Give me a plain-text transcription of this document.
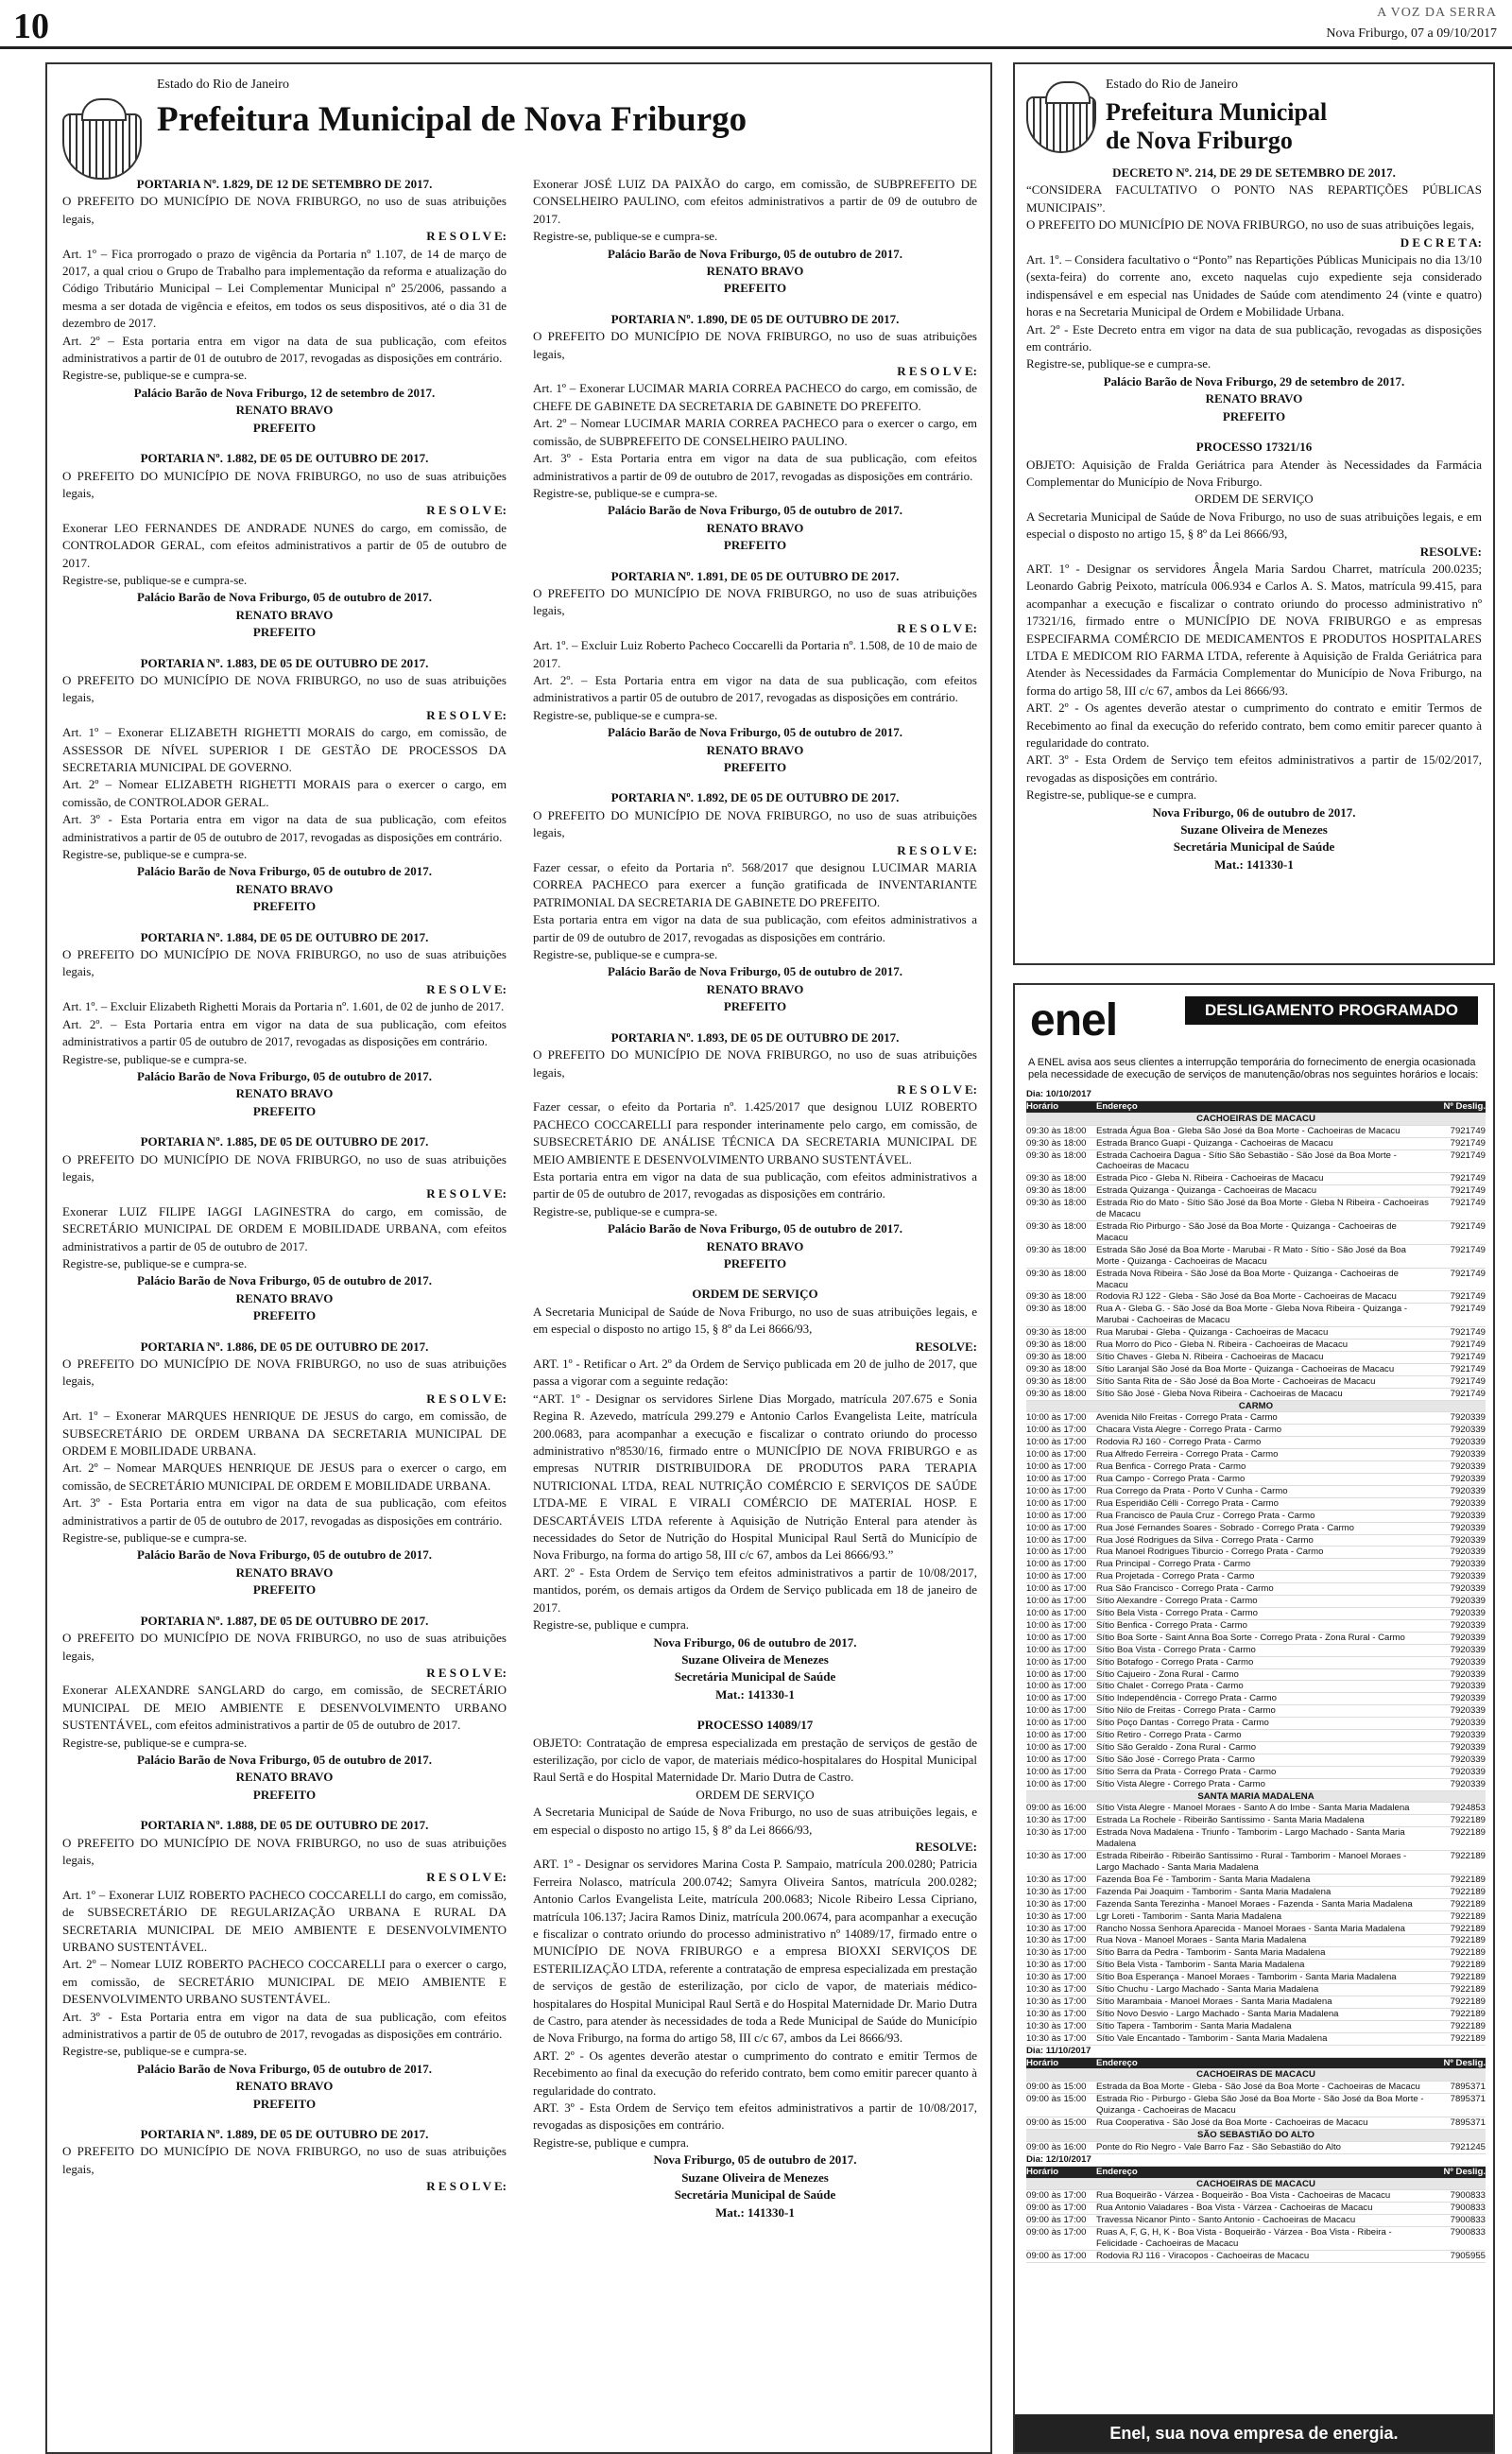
10	A VOZ DA SERRA
Nova Friburgo, 07 a 09/10/2017
Estado do Rio de Janeiro
Prefeitura Municipal de Nova Friburgo

PORTARIA Nº. 1.829, DE 12 DE SETEMBRO DE 2017.

O PREFEITO DO MUNICÍPIO DE NOVA FRIBURGO, no uso de suas atribuições legais,

R E S O L V E:

Art. 1º – Fica prorrogado o prazo de vigência da Portaria nº 1.107, de 14 de março de 2017, a qual criou o Grupo de Trabalho para implementação da reforma e atualização do Código Tributário Municipal – Lei Complementar Municipal nº 25/2006, passando a mesma a ser dotada de vigência e efeitos, em todos os seus dispositivos, até o dia 31 de dezembro de 2017.

Art. 2º – Esta portaria entra em vigor na data de sua publicação, com efeitos administrativos a partir de 01 de outubro de 2017, revogadas as disposições em contrário.

Registre-se, publique-se e cumpra-se.

Palácio Barão de Nova Friburgo, 12 de setembro de 2017.

RENATO BRAVO

PREFEITO

PORTARIA Nº. 1.882, DE 05 DE OUTUBRO DE 2017.

O PREFEITO DO MUNICÍPIO DE NOVA FRIBURGO, no uso de suas atribuições legais,

R E S O L V E:

Exonerar LEO FERNANDES DE ANDRADE NUNES do cargo, em comissão, de CONTROLADOR GERAL, com efeitos administrativos a partir de 05 de outubro de 2017.

Registre-se, publique-se e cumpra-se.

Palácio Barão de Nova Friburgo, 05 de outubro de 2017.

RENATO BRAVO

PREFEITO

PORTARIA Nº. 1.883, DE 05 DE OUTUBRO DE 2017.

O PREFEITO DO MUNICÍPIO DE NOVA FRIBURGO, no uso de suas atribuições legais,

R E S O L V E:

Art. 1º – Exonerar ELIZABETH RIGHETTI MORAIS do cargo, em comissão, de ASSESSOR DE NÍVEL SUPERIOR I DE GESTÃO DE PROCESSOS DA SECRETARIA MUNICIPAL DE GOVERNO.

Art. 2º – Nomear ELIZABETH RIGHETTI MORAIS para o exercer o cargo, em comissão, de CONTROLADOR GERAL.

Art. 3º - Esta Portaria entra em vigor na data de sua publicação, com efeitos administrativos a partir de 05 de outubro de 2017, revogadas as disposições em contrário.

Registre-se, publique-se e cumpra-se.

Palácio Barão de Nova Friburgo, 05 de outubro de 2017.

RENATO BRAVO

PREFEITO

PORTARIA Nº. 1.884, DE 05 DE OUTUBRO DE 2017.

O PREFEITO DO MUNICÍPIO DE NOVA FRIBURGO, no uso de suas atribuições legais,

R E S O L V E:

Art. 1º. – Excluir Elizabeth Righetti Morais da Portaria nº. 1.601, de 02 de junho de 2017.

Art. 2º. – Esta Portaria entra em vigor na data de sua publicação, com efeitos administrativos a partir 05 de outubro de 2017, revogadas as disposições em contrário.

Registre-se, publique-se e cumpra-se.

Palácio Barão de Nova Friburgo, 05 de outubro de 2017.

RENATO BRAVO

PREFEITO

PORTARIA Nº. 1.885, DE 05 DE OUTUBRO DE 2017.

O PREFEITO DO MUNICÍPIO DE NOVA FRIBURGO, no uso de suas atribuições legais,

R E S O L V E:

Exonerar LUIZ FILIPE IAGGI LAGINESTRA do cargo, em comissão, de SECRETÁRIO MUNICIPAL DE ORDEM E MOBILIDADE URBANA, com efeitos administrativos a partir de 05 de outubro de 2017.

Registre-se, publique-se e cumpra-se.

Palácio Barão de Nova Friburgo, 05 de outubro de 2017.

RENATO BRAVO

PREFEITO

PORTARIA Nº. 1.886, DE 05 DE OUTUBRO DE 2017.

O PREFEITO DO MUNICÍPIO DE NOVA FRIBURGO, no uso de suas atribuições legais,

R E S O L V E:

Art. 1º – Exonerar MARQUES HENRIQUE DE JESUS do cargo, em comissão, de SUBSECRETÁRIO DE ORDEM URBANA DA SECRETARIA MUNICIPAL DE ORDEM E MOBILIDADE URBANA.

Art. 2º – Nomear MARQUES HENRIQUE DE JESUS para o exercer o cargo, em comissão, de SECRETÁRIO MUNICIPAL DE ORDEM E MOBILIDADE URBANA.

Art. 3º - Esta Portaria entra em vigor na data de sua publicação, com efeitos administrativos a partir de 05 de outubro de 2017, revogadas as disposições em contrário.

Registre-se, publique-se e cumpra-se.

Palácio Barão de Nova Friburgo, 05 de outubro de 2017.

RENATO BRAVO

PREFEITO

PORTARIA Nº. 1.887, DE 05 DE OUTUBRO DE 2017.

O PREFEITO DO MUNICÍPIO DE NOVA FRIBURGO, no uso de suas atribuições legais,

R E S O L V E:

Exonerar ALEXANDRE SANGLARD do cargo, em comissão, de SECRETÁRIO MUNICIPAL DE MEIO AMBIENTE E DESENVOLVIMENTO URBANO SUSTENTÁVEL, com efeitos administrativos a partir de 05 de outubro de 2017.

Registre-se, publique-se e cumpra-se.

Palácio Barão de Nova Friburgo, 05 de outubro de 2017.

RENATO BRAVO

PREFEITO

PORTARIA Nº. 1.888, DE 05 DE OUTUBRO DE 2017.

O PREFEITO DO MUNICÍPIO DE NOVA FRIBURGO, no uso de suas atribuições legais,

R E S O L V E:

Art. 1º – Exonerar LUIZ ROBERTO PACHECO COCCARELLI do cargo, em comissão, de SUBSECRETÁRIO DE REGULARIZAÇÃO URBANA E RURAL DA SECRETARIA MUNICIPAL DE MEIO AMBIENTE E DESENVOLVIMENTO URBANO SUSTENTÁVEL.

Art. 2º – Nomear LUIZ ROBERTO PACHECO COCCARELLI para o exercer o cargo, em comissão, de SECRETÁRIO MUNICIPAL DE MEIO AMBIENTE E DESENVOLVIMENTO URBANO SUSTENTÁVEL.

Art. 3º - Esta Portaria entra em vigor na data de sua publicação, com efeitos administrativos a partir de 05 de outubro de 2017, revogadas as disposições em contrário.

Registre-se, publique-se e cumpra-se.

Palácio Barão de Nova Friburgo, 05 de outubro de 2017.

RENATO BRAVO

PREFEITO

PORTARIA Nº. 1.889, DE 05 DE OUTUBRO DE 2017.

O PREFEITO DO MUNICÍPIO DE NOVA FRIBURGO, no uso de suas atribuições legais,

R E S O L V E:

Exonerar JOSÉ LUIZ DA PAIXÃO do cargo, em comissão, de SUBPREFEITO DE CONSELHEIRO PAULINO, com efeitos administrativos a partir de 09 de outubro de 2017.

Registre-se, publique-se e cumpra-se.

Palácio Barão de Nova Friburgo, 05 de outubro de 2017.

RENATO BRAVO

PREFEITO

PORTARIA Nº. 1.890, DE 05 DE OUTUBRO DE 2017.

O PREFEITO DO MUNICÍPIO DE NOVA FRIBURGO, no uso de suas atribuições legais,

R E S O L V E:

Art. 1º – Exonerar LUCIMAR MARIA CORREA PACHECO do cargo, em comissão, de CHEFE DE GABINETE DA SECRETARIA DE GABINETE DO PREFEITO.

Art. 2º – Nomear LUCIMAR MARIA CORREA PACHECO para o exercer o cargo, em comissão, de SUBPREFEITO DE CONSELHEIRO PAULINO.

Art. 3º - Esta Portaria entra em vigor na data de sua publicação, com efeitos administrativos a partir de 09 de outubro de 2017, revogadas as disposições em contrário.

Registre-se, publique-se e cumpra-se.

Palácio Barão de Nova Friburgo, 05 de outubro de 2017.

RENATO BRAVO

PREFEITO

PORTARIA Nº. 1.891, DE 05 DE OUTUBRO DE 2017.

O PREFEITO DO MUNICÍPIO DE NOVA FRIBURGO, no uso de suas atribuições legais,

R E S O L V E:

Art. 1º. – Excluir Luiz Roberto Pacheco Coccarelli da Portaria nº. 1.508, de 10 de maio de 2017.

Art. 2º. – Esta Portaria entra em vigor na data de sua publicação, com efeitos administrativos a partir 05 de outubro de 2017, revogadas as disposições em contrário.

Registre-se, publique-se e cumpra-se.

Palácio Barão de Nova Friburgo, 05 de outubro de 2017.

RENATO BRAVO

PREFEITO

PORTARIA Nº. 1.892, DE 05 DE OUTUBRO DE 2017.

O PREFEITO DO MUNICÍPIO DE NOVA FRIBURGO, no uso de suas atribuições legais,

R E S O L V E:

Fazer cessar, o efeito da Portaria nº. 568/2017 que designou LUCIMAR MARIA CORREA PACHECO para exercer a função gratificada de INVENTARIANTE PATRIMONIAL DA SECRETARIA DE GABINETE DO PREFEITO.

Esta portaria entra em vigor na data de sua publicação, com efeitos administrativos a partir de 09 de outubro de 2017, revogadas as disposições em contrário.

Registre-se, publique-se e cumpra-se.

Palácio Barão de Nova Friburgo, 05 de outubro de 2017.

RENATO BRAVO

PREFEITO

PORTARIA Nº. 1.893, DE 05 DE OUTUBRO DE 2017.

O PREFEITO DO MUNICÍPIO DE NOVA FRIBURGO, no uso de suas atribuições legais,

R E S O L V E:

Fazer cessar, o efeito da Portaria nº. 1.425/2017 que designou LUIZ ROBERTO PACHECO COCCARELLI para responder interinamente pelo cargo, em comissão, de SUBSECRETÁRIO DE ANÁLISE TÉCNICA DA SECRETARIA MUNICIPAL DE MEIO AMBIENTE E DESENVOLVIMENTO URBANO SUSTENTÁVEL.

Esta portaria entra em vigor na data de sua publicação, com efeitos administrativos a partir de 05 de outubro de 2017, revogadas as disposições em contrário.

Registre-se, publique-se e cumpra-se.

Palácio Barão de Nova Friburgo, 05 de outubro de 2017.

RENATO BRAVO

PREFEITO

ORDEM DE SERVIÇO

A Secretaria Municipal de Saúde de Nova Friburgo, no uso de suas atribuições legais, e em especial o disposto no artigo 15, § 8º da Lei 8666/93,

RESOLVE:

ART. 1º - Retificar o Art. 2º da Ordem de Serviço publicada em 20 de julho de 2017, que passa a vigorar com a seguinte redação:

“ART. 1º - Designar os servidores Sirlene Dias Morgado, matrícula 207.675 e Sonia Regina R. Azevedo, matrícula 299.279 e Antonio Carlos Evangelista Leite, matrícula 200.0683, para acompanhar a execução e fiscalizar o contrato oriundo do processo administrativo nº8530/16, firmado entre o MUNICÍPIO DE NOVA FRIBURGO e as empresas NUTRIR DISTRIBUIDORA DE PRODUTOS PARA TERAPIA NUTRICIONAL LTDA, REAL NUTRIÇÃO COMÉRCIO E SERVIÇOS DE SAÚDE LTDA-ME E VIRAL E VIRALI COMÉRCIO DE MATERIAL HOSP. E DESCARTÁVEIS LTDA referente à Aquisição de Nutrição Enteral para atender às necessidades do Setor de Nutrição do Hospital Municipal Raul Sertã do Município de Nova Friburgo, na forma do artigo 58, III c/c 67, ambos da Lei 8666/93.”

ART. 2º - Esta Ordem de Serviço tem efeitos administrativos a partir de 10/08/2017, mantidos, porém, os demais artigos da Ordem de Serviço publicada em 18 de janeiro de 2017.

Registre-se, publique e cumpra.

Nova Friburgo, 06 de outubro de 2017.

Suzane Oliveira de Menezes

Secretária Municipal de Saúde

Mat.: 141330-1

PROCESSO 14089/17

OBJETO: Contratação de empresa especializada em prestação de serviços de gestão de esterilização, por ciclo de vapor, de materiais médico-hospitalares do Hospital Municipal Raul Sertã e do Hospital Maternidade Dr. Mario Dutra de Castro.

ORDEM DE SERVIÇO

A Secretaria Municipal de Saúde de Nova Friburgo, no uso de suas atribuições legais, e em especial o disposto no artigo 15, § 8º da Lei 8666/93,

RESOLVE:

ART. 1º - Designar os servidores Marina Costa P. Sampaio, matrícula 200.0280; Patricia Ferreira Nolasco, matrícula 200.0742; Samyra Oliveira Santos, matrícula 200.0282; Antonio Carlos Evangelista Leite, matrícula 200.0683; Nicole Ribeiro Lessa Cipriano, matrícula 106.137; Jacira Ramos Diniz, matrícula 200.0674, para acompanhar a execução e fiscalizar o contrato oriundo do processo administrativo nº 14089/17, firmado entre o MUNICÍPIO DE NOVA FRIBURGO e a empresa BIOXXI SERVIÇOS DE ESTERILIZAÇÃO LTDA, referente a contratação de empresa especializada em prestação de serviços de gestão de esterilização, por ciclo de vapor, de materiais médico-hospitalares do Hospital Municipal Raul Sertã e do Hospital Maternidade Dr. Mario Dutra de Castro, para atender às necessidades de toda a Rede Municipal de Saúde do Município de Nova Friburgo, na forma do artigo 58, III c/c 67, ambos da Lei 8666/93.

ART. 2º - Os agentes deverão atestar o cumprimento do contrato e emitir Termos de Recebimento ao final da execução do referido contrato, bem como emitir parecer quanto à regularidade do contrato.

ART. 3º - Esta Ordem de Serviço tem efeitos administrativos a partir de 10/08/2017, revogadas as disposições em contrário.

Registre-se, publique e cumpra.

Nova Friburgo, 05 de outubro de 2017.

Suzane Oliveira de Menezes

Secretária Municipal de Saúde

Mat.: 141330-1

Estado do Rio de Janeiro
Prefeitura Municipal
de Nova Friburgo

DECRETO Nº. 214, DE 29 DE SETEMBRO DE 2017.

“CONSIDERA FACULTATIVO O PONTO NAS REPARTIÇÕES PÚBLICAS MUNICIPAIS”.

O PREFEITO DO MUNICÍPIO DE NOVA FRIBURGO, no uso de suas atribuições legais,

D E C R E T A:

Art. 1º. – Considera facultativo o “Ponto” nas Repartições Públicas Municipais no dia 13/10 (sexta-feira) do corrente ano, exceto naquelas cujo expediente seja considerado indispensável e em especial nas Unidades de Saúde com atendimento 24 (vinte e quatro) horas e na Secretaria Municipal de Ordem e Mobilidade Urbana.

Art. 2º - Este Decreto entra em vigor na data de sua publicação, revogadas as disposições em contrário.

Registre-se, publique-se e cumpra-se.

Palácio Barão de Nova Friburgo, 29 de setembro de 2017.

RENATO BRAVO

PREFEITO

PROCESSO 17321/16

OBJETO: Aquisição de Fralda Geriátrica para Atender às Necessidades da Farmácia Complementar do Município de Nova Friburgo.

ORDEM DE SERVIÇO

A Secretaria Municipal de Saúde de Nova Friburgo, no uso de suas atribuições legais, e em especial o disposto no artigo 15, § 8º da Lei 8666/93,

RESOLVE:

ART. 1º - Designar os servidores Ângela Maria Sardou Charret, matrícula 200.0235; Leonardo Gabrig Peixoto, matrícula 006.934 e Carlos A. S. Matos, matrícula 99.415, para acompanhar a execução e fiscalizar o contrato oriundo do processo administrativo nº 17321/16, firmado entre o MUNICÍPIO DE NOVA FRIBURGO e as empresas ESPECIFARMA COMÉRCIO DE MEDICAMENTOS E PRODUTOS HOSPITALARES LTDA E MEDICOM RIO FARMA LTDA, referente à Aquisição de Fralda Geriátrica para Atender às Necessidades da Farmácia Complementar do Município de Nova Friburgo, na forma do artigo 58, III c/c 67, ambos da Lei 8666/93.

ART. 2º - Os agentes deverão atestar o cumprimento do contrato e emitir Termos de Recebimento ao final da execução do referido contrato, bem como emitir parecer quanto à regularidade do contrato.

ART. 3º - Esta Ordem de Serviço tem efeitos administrativos a partir de 15/02/2017, revogadas as disposições em contrário.

Registre-se, publique-se e cumpra.

Nova Friburgo, 06 de outubro de 2017.

Suzane Oliveira de Menezes

Secretária Municipal de Saúde

Mat.: 141330-1

enel	DESLIGAMENTO PROGRAMADO
A ENEL avisa aos seus clientes a interrupção temporária do fornecimento de energia ocasionada pela necessidade de execução de serviços de manutenção/obras nos seguintes horários e locais:
Dia: 10/10/2017
Horário	Endereço	Nº Deslig.
CACHOEIRAS DE MACACU
09:30 às 18:00	Estrada Água Boa - Gleba São José da Boa Morte - Cachoeiras de Macacu	7921749
09:30 às 18:00	Estrada Branco Guapi - Quizanga - Cachoeiras de Macacu	7921749
09:30 às 18:00	Estrada Cachoeira Dagua - Sítio São Sebastião - São José da Boa Morte - Cachoeiras de Macacu
7921749
09:30 às 18:00	Estrada Pico - Gleba N. Ribeira - Cachoeiras de Macacu	7921749
09:30 às 18:00	Estrada Quizanga - Quizanga - Cachoeiras de Macacu	7921749
09:30 às 18:00	Estrada Rio do Mato - Sítio São José da Boa Morte - Gleba N Ribeira - Cachoeiras de Macacu
7921749
09:30 às 18:00	Estrada Rio Pirburgo - São José da Boa Morte - Quizanga - Cachoeiras de Macacu
7921749
09:30 às 18:00	Estrada São José da Boa Morte - Marubai - R Mato - Sítio - São José da Boa Morte - Quizanga - Cachoeiras de Macacu
7921749
09:30 às 18:00	Estrada Nova Ribeira - São José da Boa Morte - Quizanga - Cachoeiras de Macacu
7921749
09:30 às 18:00	Rodovia RJ 122 - Gleba - São José da Boa Morte - Cachoeiras de Macacu	7921749
09:30 às 18:00	Rua A - Gleba G. - São José da Boa Morte - Gleba Nova Ribeira - Quizanga - Marubai - Cachoeiras de Macacu
7921749
09:30 às 18:00	Rua Marubai - Gleba - Quizanga - Cachoeiras de Macacu	7921749
09:30 às 18:00	Rua Morro do Pico - Gleba N. Ribeira - Cachoeiras de Macacu	7921749
09:30 às 18:00	Sítio Chaves - Gleba N. Ribeira - Cachoeiras de Macacu	7921749
09:30 às 18:00	Sítio Laranjal São José da Boa Morte - Quizanga - Cachoeiras de Macacu	7921749
09:30 às 18:00	Sítio Santa Rita de - São José da Boa Morte - Cachoeiras de Macacu	7921749
09:30 às 18:00	Sítio São José - Gleba Nova Ribeira - Cachoeiras de Macacu	7921749
CARMO
10:00 às 17:00	Avenida Nilo Freitas - Corrego Prata - Carmo	7920339
10:00 às 17:00	Chacara Vista Alegre - Corrego Prata - Carmo	7920339
10:00 às 17:00	Rodovia RJ 160 - Corrego Prata - Carmo	7920339
10:00 às 17:00	Rua Alfredo Ferreira - Corrego Prata - Carmo	7920339
10:00 às 17:00	Rua Benfica - Corrego Prata - Carmo	7920339
10:00 às 17:00	Rua Campo - Corrego Prata - Carmo	7920339
10:00 às 17:00	Rua Corrego da Prata - Porto V Cunha - Carmo	7920339
10:00 às 17:00	Rua Esperidião Célli - Corrego Prata - Carmo	7920339
10:00 às 17:00	Rua Francisco de Paula Cruz - Corrego Prata - Carmo	7920339
10:00 às 17:00	Rua José Fernandes Soares - Sobrado - Corrego Prata - Carmo	7920339
10:00 às 17:00	Rua José Rodrigues da Silva - Corrego Prata - Carmo	7920339
10:00 às 17:00	Rua Manoel Rodrigues Tiburcio - Corrego Prata - Carmo	7920339
10:00 às 17:00	Rua Principal - Corrego Prata - Carmo	7920339
10:00 às 17:00	Rua Projetada - Corrego Prata - Carmo	7920339
10:00 às 17:00	Rua São Francisco - Corrego Prata - Carmo	7920339
10:00 às 17:00	Sítio Alexandre - Corrego Prata - Carmo	7920339
10:00 às 17:00	Sítio Bela Vista - Corrego Prata - Carmo	7920339
10:00 às 17:00	Sítio Benfica - Corrego Prata - Carmo	7920339
10:00 às 17:00	Sítio Boa Sorte - Saint Anna Boa Sorte - Corrego Prata - Zona Rural - Carmo	7920339
10:00 às 17:00	Sítio Boa Vista - Corrego Prata - Carmo	7920339
10:00 às 17:00	Sítio Botafogo - Corrego Prata - Carmo	7920339
10:00 às 17:00	Sítio Cajueiro - Zona Rural - Carmo	7920339
10:00 às 17:00	Sítio Chalet - Corrego Prata - Carmo	7920339
10:00 às 17:00	Sítio Independência - Corrego Prata - Carmo	7920339
10:00 às 17:00	Sítio Nilo de Freitas - Corrego Prata - Carmo	7920339
10:00 às 17:00	Sítio Poço Dantas - Corrego Prata - Carmo	7920339
10:00 às 17:00	Sítio Retiro - Corrego Prata - Carmo	7920339
10:00 às 17:00	Sítio São Geraldo - Zona Rural - Carmo	7920339
10:00 às 17:00	Sítio São José - Corrego Prata - Carmo	7920339
10:00 às 17:00	Sítio Serra da Prata - Corrego Prata - Carmo	7920339
10:00 às 17:00	Sítio Vista Alegre - Corrego Prata - Carmo	7920339
SANTA MARIA MADALENA
09:00 às 16:00	Sítio Vista Alegre - Manoel Moraes - Santo A do Imbe - Santa Maria Madalena	7924853
10:30 às 17:00	Estrada La Rochele - Ribeirão Santíssimo - Santa Maria Madalena	7922189
10:30 às 17:00	Estrada Nova Madalena - Triunfo - Tamborim - Largo Machado - Santa Maria Madalena
7922189
10:30 às 17:00	Estrada Ribeirão - Ribeirão Santíssimo - Rural - Tamborim - Manoel Moraes - Largo Machado - Santa Maria Madalena
7922189
10:30 às 17:00	Fazenda Boa Fé - Tamborim - Santa Maria Madalena	7922189
10:30 às 17:00	Fazenda Pai Joaquim - Tamborim - Santa Maria Madalena	7922189
10:30 às 17:00	Fazenda Santa Terezinha - Manoel Moraes - Fazenda - Santa Maria Madalena	7922189
10:30 às 17:00	Lgr Loreti - Tamborim - Santa Maria Madalena	7922189
10:30 às 17:00	Rancho Nossa Senhora Aparecida - Manoel Moraes - Santa Maria Madalena	7922189
10:30 às 17:00	Rua Nova - Manoel Moraes - Santa Maria Madalena	7922189
10:30 às 17:00	Sítio Barra da Pedra - Tamborim - Santa Maria Madalena	7922189
10:30 às 17:00	Sítio Bela Vista - Tamborim - Santa Maria Madalena	7922189
10:30 às 17:00	Sítio Boa Esperança - Manoel Moraes - Tamborim - Santa Maria Madalena	7922189
10:30 às 17:00	Sítio Chuchu - Largo Machado - Santa Maria Madalena	7922189
10:30 às 17:00	Sítio Marambaia - Manoel Moraes - Santa Maria Madalena	7922189
10:30 às 17:00	Sítio Novo Desvio - Largo Machado - Santa Maria Madalena	7922189
10:30 às 17:00	Sítio Tapera - Tamborim - Santa Maria Madalena	7922189
10:30 às 17:00	Sítio Vale Encantado - Tamborim - Santa Maria Madalena	7922189
Dia: 11/10/2017
Horário	Endereço	Nº Deslig.
CACHOEIRAS DE MACACU
09:00 às 15:00	Estrada da Boa Morte - Gleba - São José da Boa Morte - Cachoeiras de Macacu	7895371
09:00 às 15:00	Estrada Rio - Pirburgo - Gleba São José da Boa Morte - São José da Boa Morte - Quizanga - Cachoeiras de Macacu
7895371
09:00 às 15:00	Rua Cooperativa - São José da Boa Morte - Cachoeiras de Macacu	7895371
SÃO SEBASTIÃO DO ALTO
09:00 às 16:00	Ponte do Rio Negro - Vale Barro Faz - São Sebastião do Alto	7921245
Dia: 12/10/2017
Horário	Endereço	Nº Deslig.
CACHOEIRAS DE MACACU
09:00 às 17:00	Rua Boqueirão - Várzea - Boqueirão - Boa Vista - Cachoeiras de Macacu	7900833
09:00 às 17:00	Rua Antonio Valadares - Boa Vista - Várzea - Cachoeiras de Macacu	7900833
09:00 às 17:00	Travessa Nicanor Pinto - Santo Antonio - Cachoeiras de Macacu	7900833
09:00 às 17:00	Ruas A, F, G, H, K - Boa Vista - Boqueirão - Várzea - Boa Vista - Ribeira - Felicidade - Cachoeiras de Macacu
7900833
09:00 às 17:00	Rodovia RJ 116 - Viracopos - Cachoeiras de Macacu	7905955
Enel, sua nova empresa de energia.
